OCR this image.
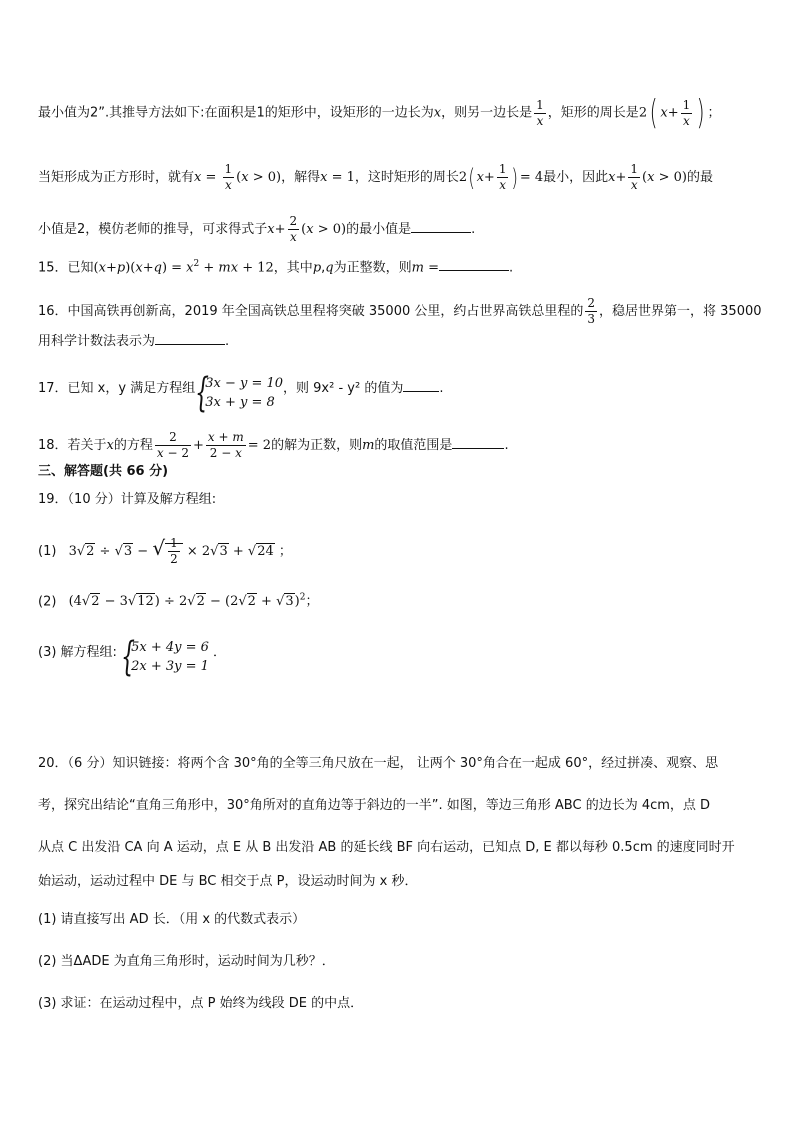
最小值为2”.其推导方法如下:在面积是1的矩形中，设矩形的一边长为x，则另一边长是 $\frac{1}{x}$ ，矩形的周长是2( $x+ \frac{1}{x}$ ) ；
当矩形成为正方形时，就有$x = \frac{1}{x} (x > 0)$，解得x = 1，这时矩形的周长$2(x+ \frac{1}{x}$ )= 4最小，因此$x+ \frac{1}{x} (x > 0)$的最
小值是2，模仿老师的推导，可求得式子$x+ \frac{2}{x} (x > 0)$的最小值是	.
15．已知$(x+p)(x+q) = x^2$ + mx + 12，其中p,q为正整数，则m =	.
16．中国高铁再创新高，2019 年全国高铁总里程将突破 35000 公里，约占世界高铁总里程的 $\frac{2}{3}$ ，稳居世界第一，将 35000
用科学计数法表示为	.
17．已知 x，y 满足方程组 {
3x − y = 10
3x + y = 8
，则 9x² - y² 的值为	.
18．若关于x的方程 $\frac{2}{x - 2} + \frac{x + m}{2 - x} = 2$的解为正数，则m的取值范围是	.
三、解答题(共 66 分)
19．（10 分）计算及解方程组:
(1) 3√2 ÷ √3 − √ $\frac{1}{2} \times 2√3 + √24$ ；
(2) $(4√2 - 3√12) \div 2√2 - (2√2 + √3)^2$；
(3) 解方程组: {
5x + 4y = 6
2x + 3y = 1
．
20．（6 分）知识链接：将两个含 30°角的全等三角尺放在一起， 让两个 30°角合在一起成 60°，经过拼凑、观察、思
考，探究出结论“直角三角形中，30°角所对的直角边等于斜边的一半”. 如图，等边三角形 ABC 的边长为 4cm，点 D
从点 C 出发沿 CA 向 A 运动，点 E 从 B 出发沿 AB 的延长线 BF 向右运动，已知点 D, E 都以每秒 0.5cm 的速度同时开
始运动，运动过程中 DE 与 BC 相交于点 P，设运动时间为 x 秒．
(1) 请直接写出 AD 长．（用 x 的代数式表示）
(2) 当ΔADE 为直角三角形时，运动时间为几秒？．
(3) 求证：在运动过程中，点 P 始终为线段 DE 的中点．
